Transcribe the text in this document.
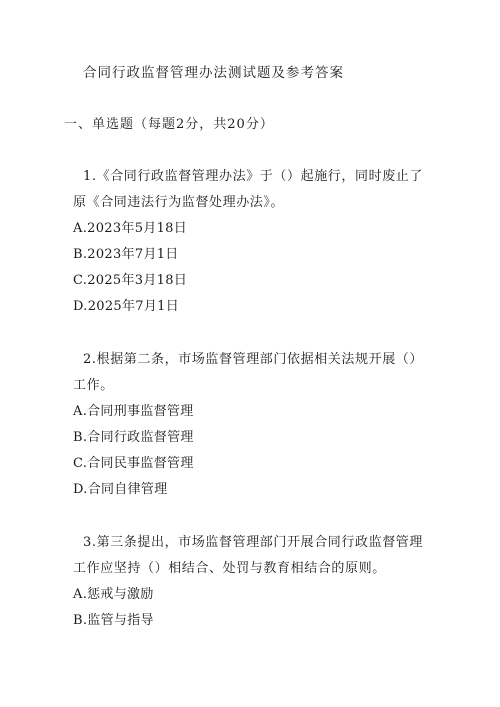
合同行政监督管理办法测试题及参考答案
一、单选题（每题2分，共20分）
1.《合同行政监督管理办法》于（）起施行，同时废止了
原《合同违法行为监督处理办法》。
A.2023年5月18日
B.2023年7月1日
C.2025年3月18日
D.2025年7月1日
2.根据第二条，市场监督管理部门依据相关法规开展（）
工作。
A.合同刑事监督管理
B.合同行政监督管理
C.合同民事监督管理
D.合同自律管理
3.第三条提出，市场监督管理部门开展合同行政监督管理
工作应坚持（）相结合、处罚与教育相结合的原则。
A.惩戒与激励
B.监管与指导
